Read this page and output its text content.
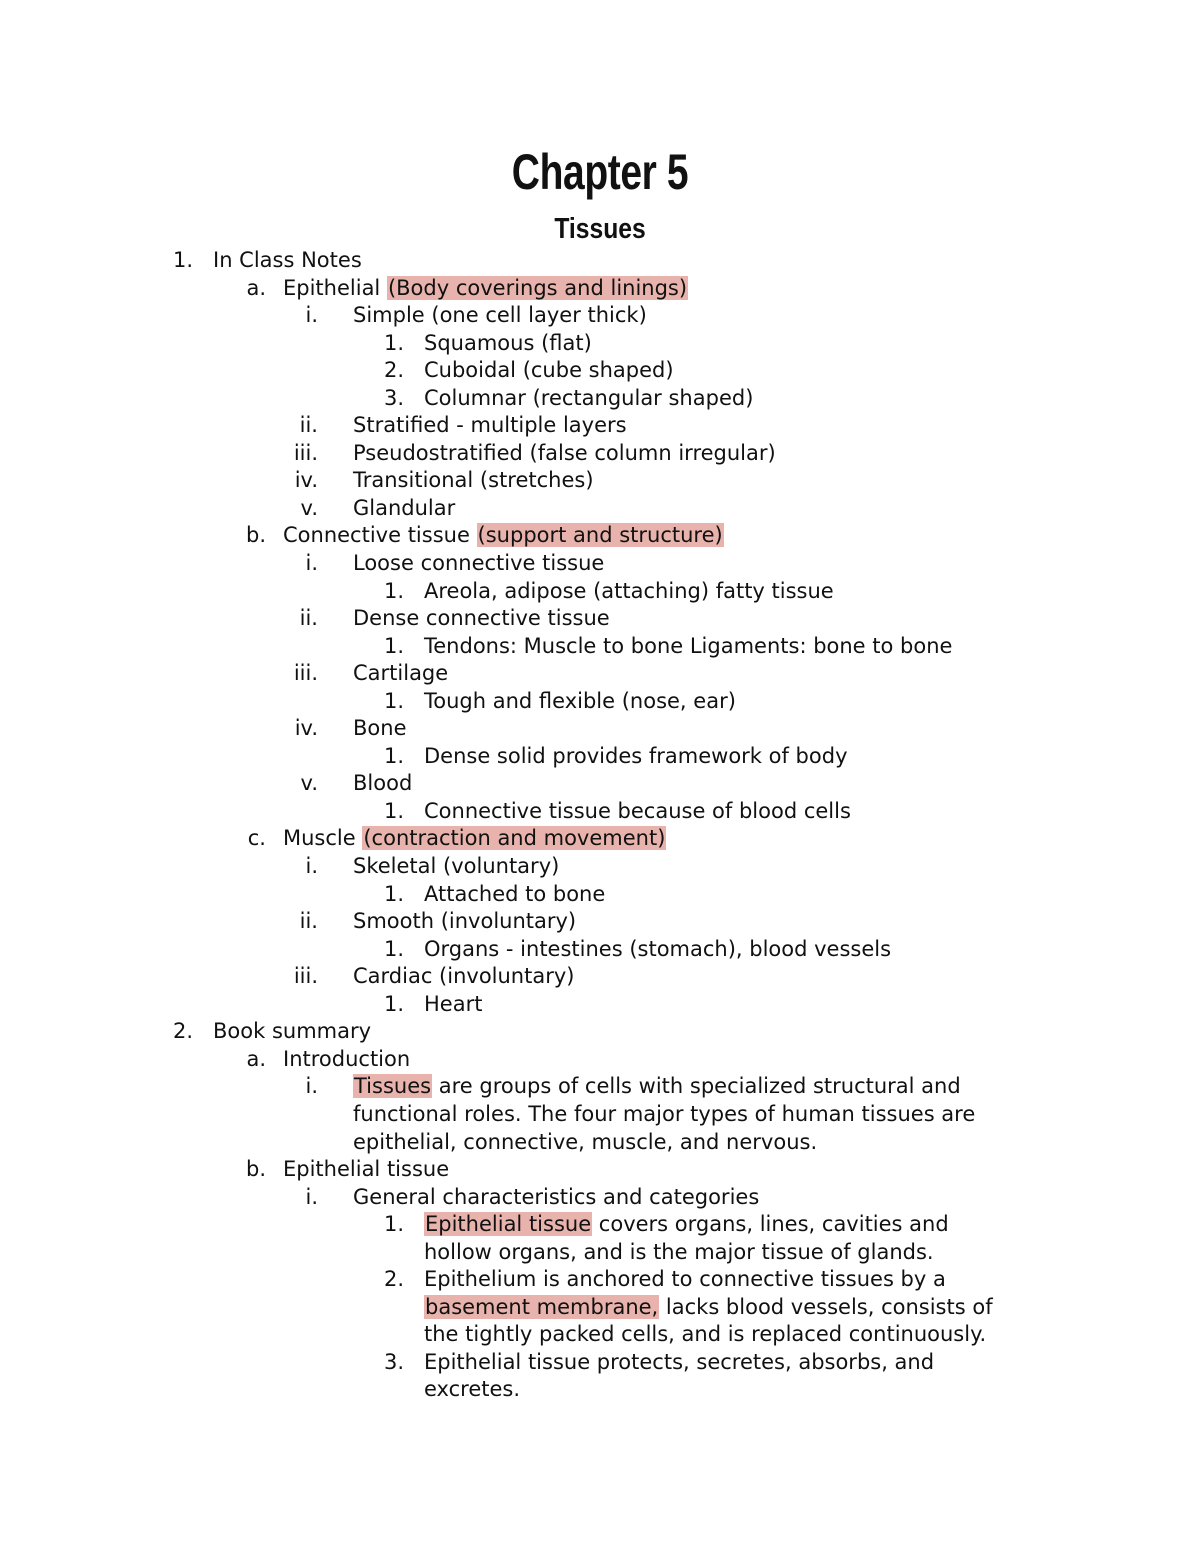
Chapter 5
Tissues
1. In Class Notes
a. Epithelial (Body coverings and linings)
i. Simple (one cell layer thick)
1. Squamous (flat)
2. Cuboidal (cube shaped)
3. Columnar (rectangular shaped)
ii. Stratified - multiple layers
iii. Pseudostratified (false column irregular)
iv. Transitional (stretches)
v. Glandular
b. Connective tissue (support and structure)
i. Loose connective tissue
1. Areola, adipose (attaching) fatty tissue
ii. Dense connective tissue
1. Tendons: Muscle to bone Ligaments: bone to bone
iii. Cartilage
1. Tough and flexible (nose, ear)
iv. Bone
1. Dense solid provides framework of body
v. Blood
1. Connective tissue because of blood cells
c. Muscle (contraction and movement)
i. Skeletal (voluntary)
1. Attached to bone
ii. Smooth (involuntary)
1. Organs - intestines (stomach), blood vessels
iii. Cardiac (involuntary)
1. Heart
2. Book summary
a. Introduction
i. Tissues are groups of cells with specialized structural and
functional roles. The four major types of human tissues are
epithelial, connective, muscle, and nervous.
b. Epithelial tissue
i. General characteristics and categories
1. Epithelial tissue covers organs, lines, cavities and
hollow organs, and is the major tissue of glands.
2. Epithelium is anchored to connective tissues by a
basement membrane, lacks blood vessels, consists of
the tightly packed cells, and is replaced continuously.
3. Epithelial tissue protects, secretes, absorbs, and
excretes.
